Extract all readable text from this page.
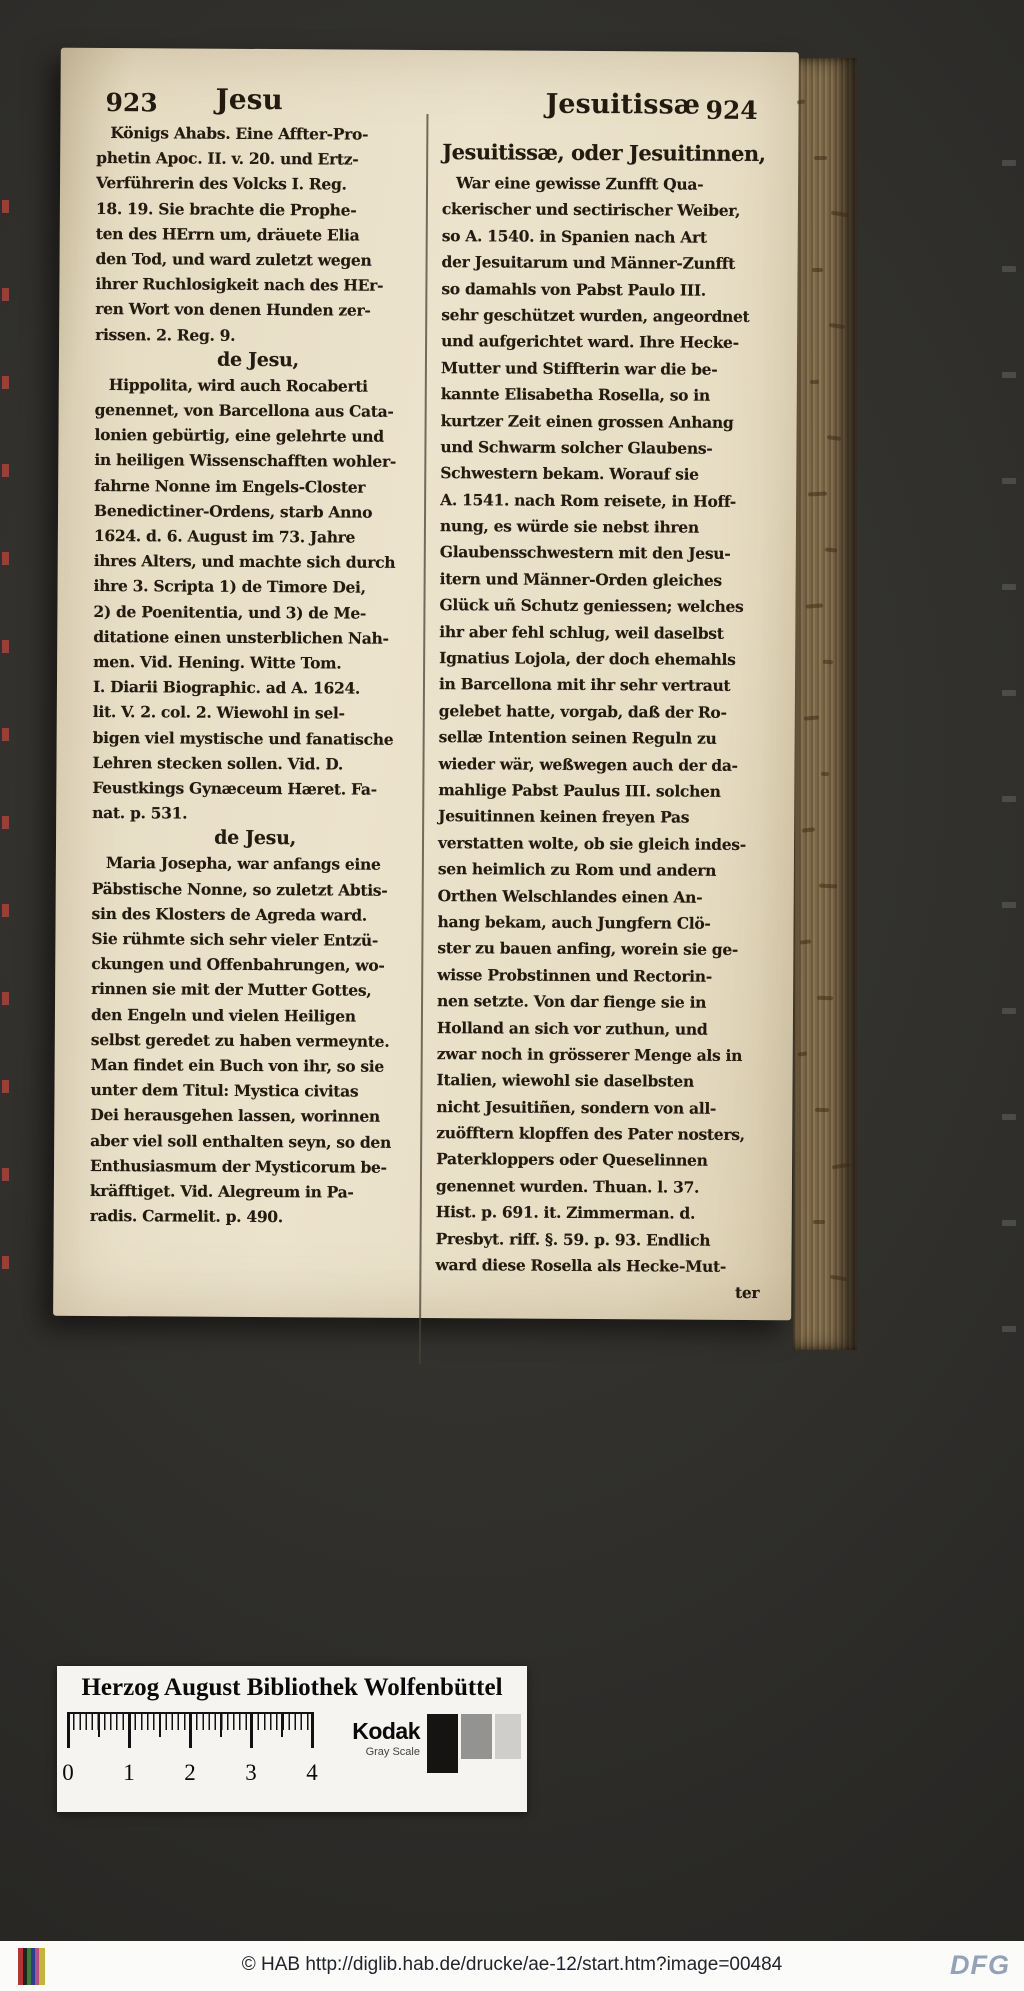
923 Jesu	Jesuitissæ 924
Königs Ahabs. Eine Affter-Pro-
phetin Apoc. II. v. 20. und Ertz-
Verführerin des Volcks I. Reg.
18. 19. Sie brachte die Prophe-
ten des HErrn um, dräuete Elia
den Tod, und ward zuletzt wegen
ihrer Ruchlosigkeit nach des HEr-
ren Wort von denen Hunden zer-
rissen. 2. Reg. 9.
de Jesu,
Hippolita, wird auch Rocaberti
genennet, von Barcellona aus Cata-
lonien gebürtig, eine gelehrte und
in heiligen Wissenschafften wohler-
fahrne Nonne im Engels-Closter
Benedictiner-Ordens, starb Anno
1624. d. 6. August im 73. Jahre
ihres Alters, und machte sich durch
ihre 3. Scripta 1) de Timore Dei,
2) de Poenitentia, und 3) de Me-
ditatione einen unsterblichen Nah-
men. Vid. Hening. Witte Tom.
I. Diarii Biographic. ad A. 1624.
lit. V. 2. col. 2. Wiewohl in sel-
bigen viel mystische und fanatische
Lehren stecken sollen. Vid. D.
Feustkings Gynæceum Hæret. Fa-
nat. p. 531.
de Jesu,
Maria Josepha, war anfangs eine
Päbstische Nonne, so zuletzt Abtis-
sin des Klosters de Agreda ward.
Sie rühmte sich sehr vieler Entzü-
ckungen und Offenbahrungen, wo-
rinnen sie mit der Mutter Gottes,
den Engeln und vielen Heiligen
selbst geredet zu haben vermeynte.
Man findet ein Buch von ihr, so sie
unter dem Titul: Mystica civitas
Dei herausgehen lassen, worinnen
aber viel soll enthalten seyn, so den
Enthusiasmum der Mysticorum be-
kräfftiget. Vid. Alegreum in Pa-
radis. Carmelit. p. 490.
Jesuitissæ, oder Jesuitinnen,
War eine gewisse Zunfft Qua-
ckerischer und sectirischer Weiber,
so A. 1540. in Spanien nach Art
der Jesuitarum und Männer-Zunfft
so damahls von Pabst Paulo III.
sehr geschützet wurden, angeordnet
und aufgerichtet ward. Ihre Hecke-
Mutter und Stiffterin war die be-
kannte Elisabetha Rosella, so in
kurtzer Zeit einen grossen Anhang
und Schwarm solcher Glaubens-
Schwestern bekam. Worauf sie
A. 1541. nach Rom reisete, in Hoff-
nung, es würde sie nebst ihren
Glaubensschwestern mit den Jesu-
itern und Männer-Orden gleiches
Glück uñ Schutz geniessen; welches
ihr aber fehl schlug, weil daselbst
Ignatius Lojola, der doch ehemahls
in Barcellona mit ihr sehr vertraut
gelebet hatte, vorgab, daß der Ro-
sellæ Intention seinen Reguln zu
wieder wär, weßwegen auch der da-
mahlige Pabst Paulus III. solchen
Jesuitinnen keinen freyen Pas
verstatten wolte, ob sie gleich indes-
sen heimlich zu Rom und andern
Orthen Welschlandes einen An-
hang bekam, auch Jungfern Clö-
ster zu bauen anfing, worein sie ge-
wisse Probstinnen und Rectorin-
nen setzte. Von dar fienge sie in
Holland an sich vor zuthun, und
zwar noch in grösserer Menge als in
Italien, wiewohl sie daselbsten
nicht Jesuitiñen, sondern von all-
zuöfftern klopffen des Pater nosters,
Paterkloppers oder Queselinnen
genennet wurden. Thuan. l. 37.
Hist. p. 691. it. Zimmerman. d.
Presbyt. riff. §. 59. p. 93. Endlich
ward diese Rosella als Hecke-Mut-
ter
Herzog August Bibliothek Wolfenbüttel
0 1 2 3 4
Kodak
Gray Scale
© HAB http://diglib.hab.de/drucke/ae-12/start.htm?image=00484	DFG
